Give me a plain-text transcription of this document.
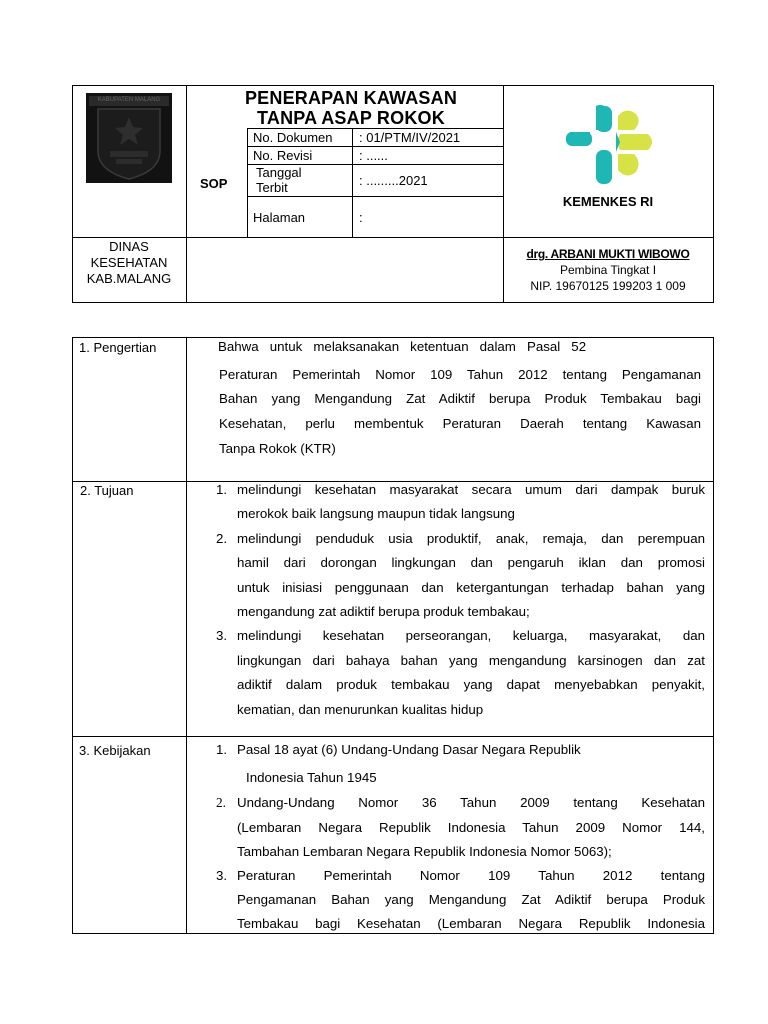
KABUPATEN MALANG	PENERAPAN KAWASAN
TANPA ASAP ROKOK
SOP
No. Dokumen : 01/PTM/IV/2021
No. Revisi	: ......
Tanggal
Terbit	: .........2021
Halaman	:
KEMENKES RI
DINAS
KESEHATAN
KAB.MALANG
drg. ARBANI MUKTI WIBOWO
Pembina Tingkat I
NIP. 19670125 199203 1 009
1. Pengertian	Bahwa   untuk   melaksanakan   ketentuan   dalam   Pasal   52
Peraturan Pemerintah Nomor 109 Tahun 2012 tentang Pengamanan
Bahan yang Mengandung Zat Adiktif berupa Produk Tembakau bagi
Kesehatan, perlu membentuk Peraturan Daerah tentang Kawasan
Tanpa Rokok (KTR)
2. Tujuan	1. melindungi kesehatan masyarakat secara umum dari dampak buruk
merokok baik langsung maupun tidak langsung
2. melindungi penduduk usia produktif, anak, remaja, dan perempuan
hamil dari dorongan lingkungan dan pengaruh iklan dan promosi
untuk inisiasi penggunaan dan ketergantungan terhadap bahan yang
mengandung zat adiktif berupa produk tembakau;
3. melindungi kesehatan perseorangan, keluarga, masyarakat, dan
lingkungan dari bahaya bahan yang mengandung karsinogen dan zat
adiktif dalam produk tembakau yang dapat menyebabkan penyakit,
kematian, dan menurunkan kualitas hidup
3. Kebijakan	1. Pasal 18 ayat (6) Undang-Undang Dasar Negara Republik
Indonesia Tahun 1945
2. Undang-Undang Nomor 36 Tahun 2009 tentang Kesehatan
(Lembaran Negara Republik Indonesia Tahun 2009 Nomor 144,
Tambahan Lembaran Negara Republik Indonesia Nomor 5063);
3. Peraturan Pemerintah Nomor 109 Tahun 2012 tentang
Pengamanan Bahan yang Mengandung Zat Adiktif berupa Produk
Tembakau bagi Kesehatan (Lembaran Negara Republik Indonesia
